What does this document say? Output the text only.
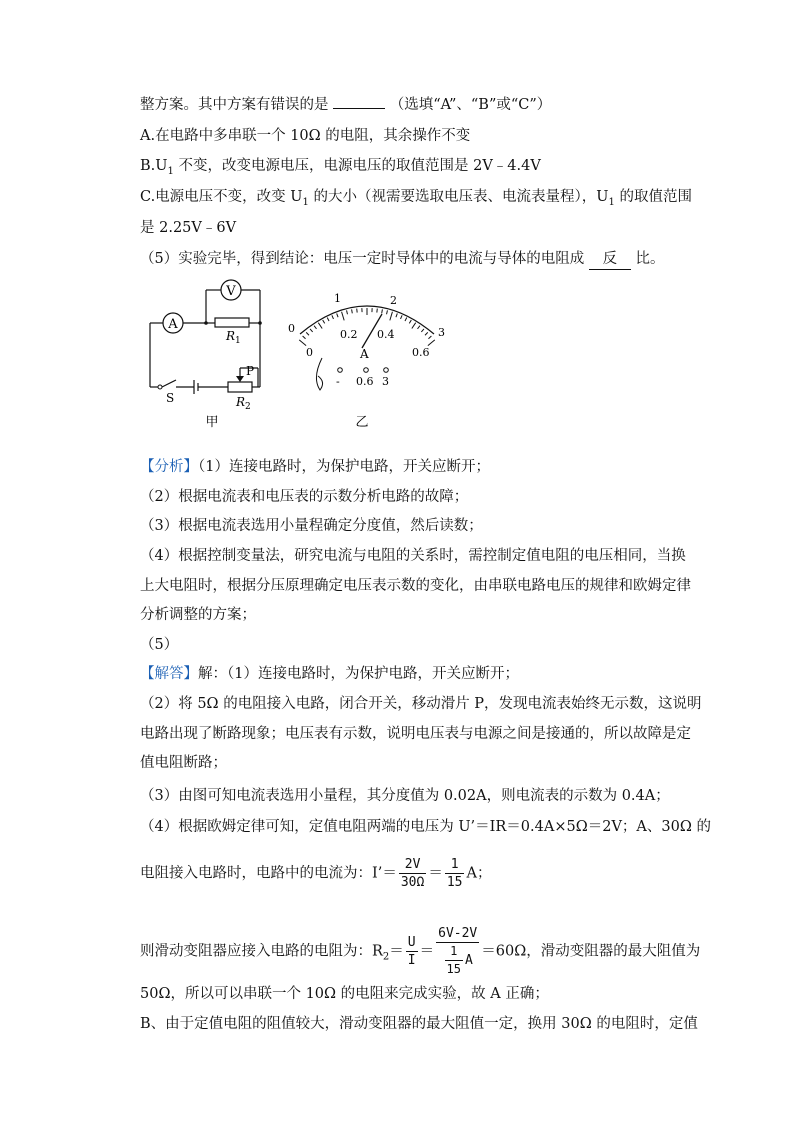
整方案。其中方案有错误的是	（选填“A”、“B”或“C”）
A.在电路中多串联一个 10Ω 的电阻，其余操作不变
$B.U_1$ 不变，改变电源电压，电源电压的取值范围是 2V﹣4.4V
C.电源电压不变，改变 $U_1$ 的大小（视需要选取电压表、电流表量程），$U_1$ 的取值范围
是 2.25V﹣6V
（5）实验完毕，得到结论：电压一定时导体中的电流与导体的电阻成 反 比。
A
V
R 1
R 2
S
P
甲
0
1	2
3
0
0.2 0.4
0.6
A
- 0.6 3
乙
【分析】（1）连接电路时，为保护电路，开关应断开；
（2）根据电流表和电压表的示数分析电路的故障；
（3）根据电流表选用小量程确定分度值，然后读数；
（4）根据控制变量法，研究电流与电阻的关系时，需控制定值电阻的电压相同，当换
上大电阻时，根据分压原理确定电压表示数的变化，由串联电路电压的规律和欧姆定律
分析调整的方案；
（5）
【解答】解：（1）连接电路时，为保护电路，开关应断开；
（2）将 5Ω 的电阻接入电路，闭合开关，移动滑片 P，发现电流表始终无示数，这说明
电路出现了断路现象；电压表有示数，说明电压表与电源之间是接通的，所以故障是定
值电阻断路；
（3）由图可知电流表选用小量程，其分度值为 0.02A，则电流表的示数为 0.4A；
（4）根据欧姆定律可知，定值电阻两端的电压为 U’＝IR＝0.4A×5Ω＝2V；A、30Ω 的
电阻接入电路时，电路中的电流为：I’＝ $\frac{2V}{30\Omega} = \frac{1}{15}$ A；
则滑动变阻器应接入电路的电阻为：$R_2= \frac{U}{I} = \frac{6V-2V}{\frac{1}{15} A} =60\Omega$，滑动变阻器的最大阻值为
50Ω，所以可以串联一个 10Ω 的电阻来完成实验，故 A 正确；
B、由于定值电阻的阻值较大，滑动变阻器的最大阻值一定，换用 30Ω 的电阻时，定值
